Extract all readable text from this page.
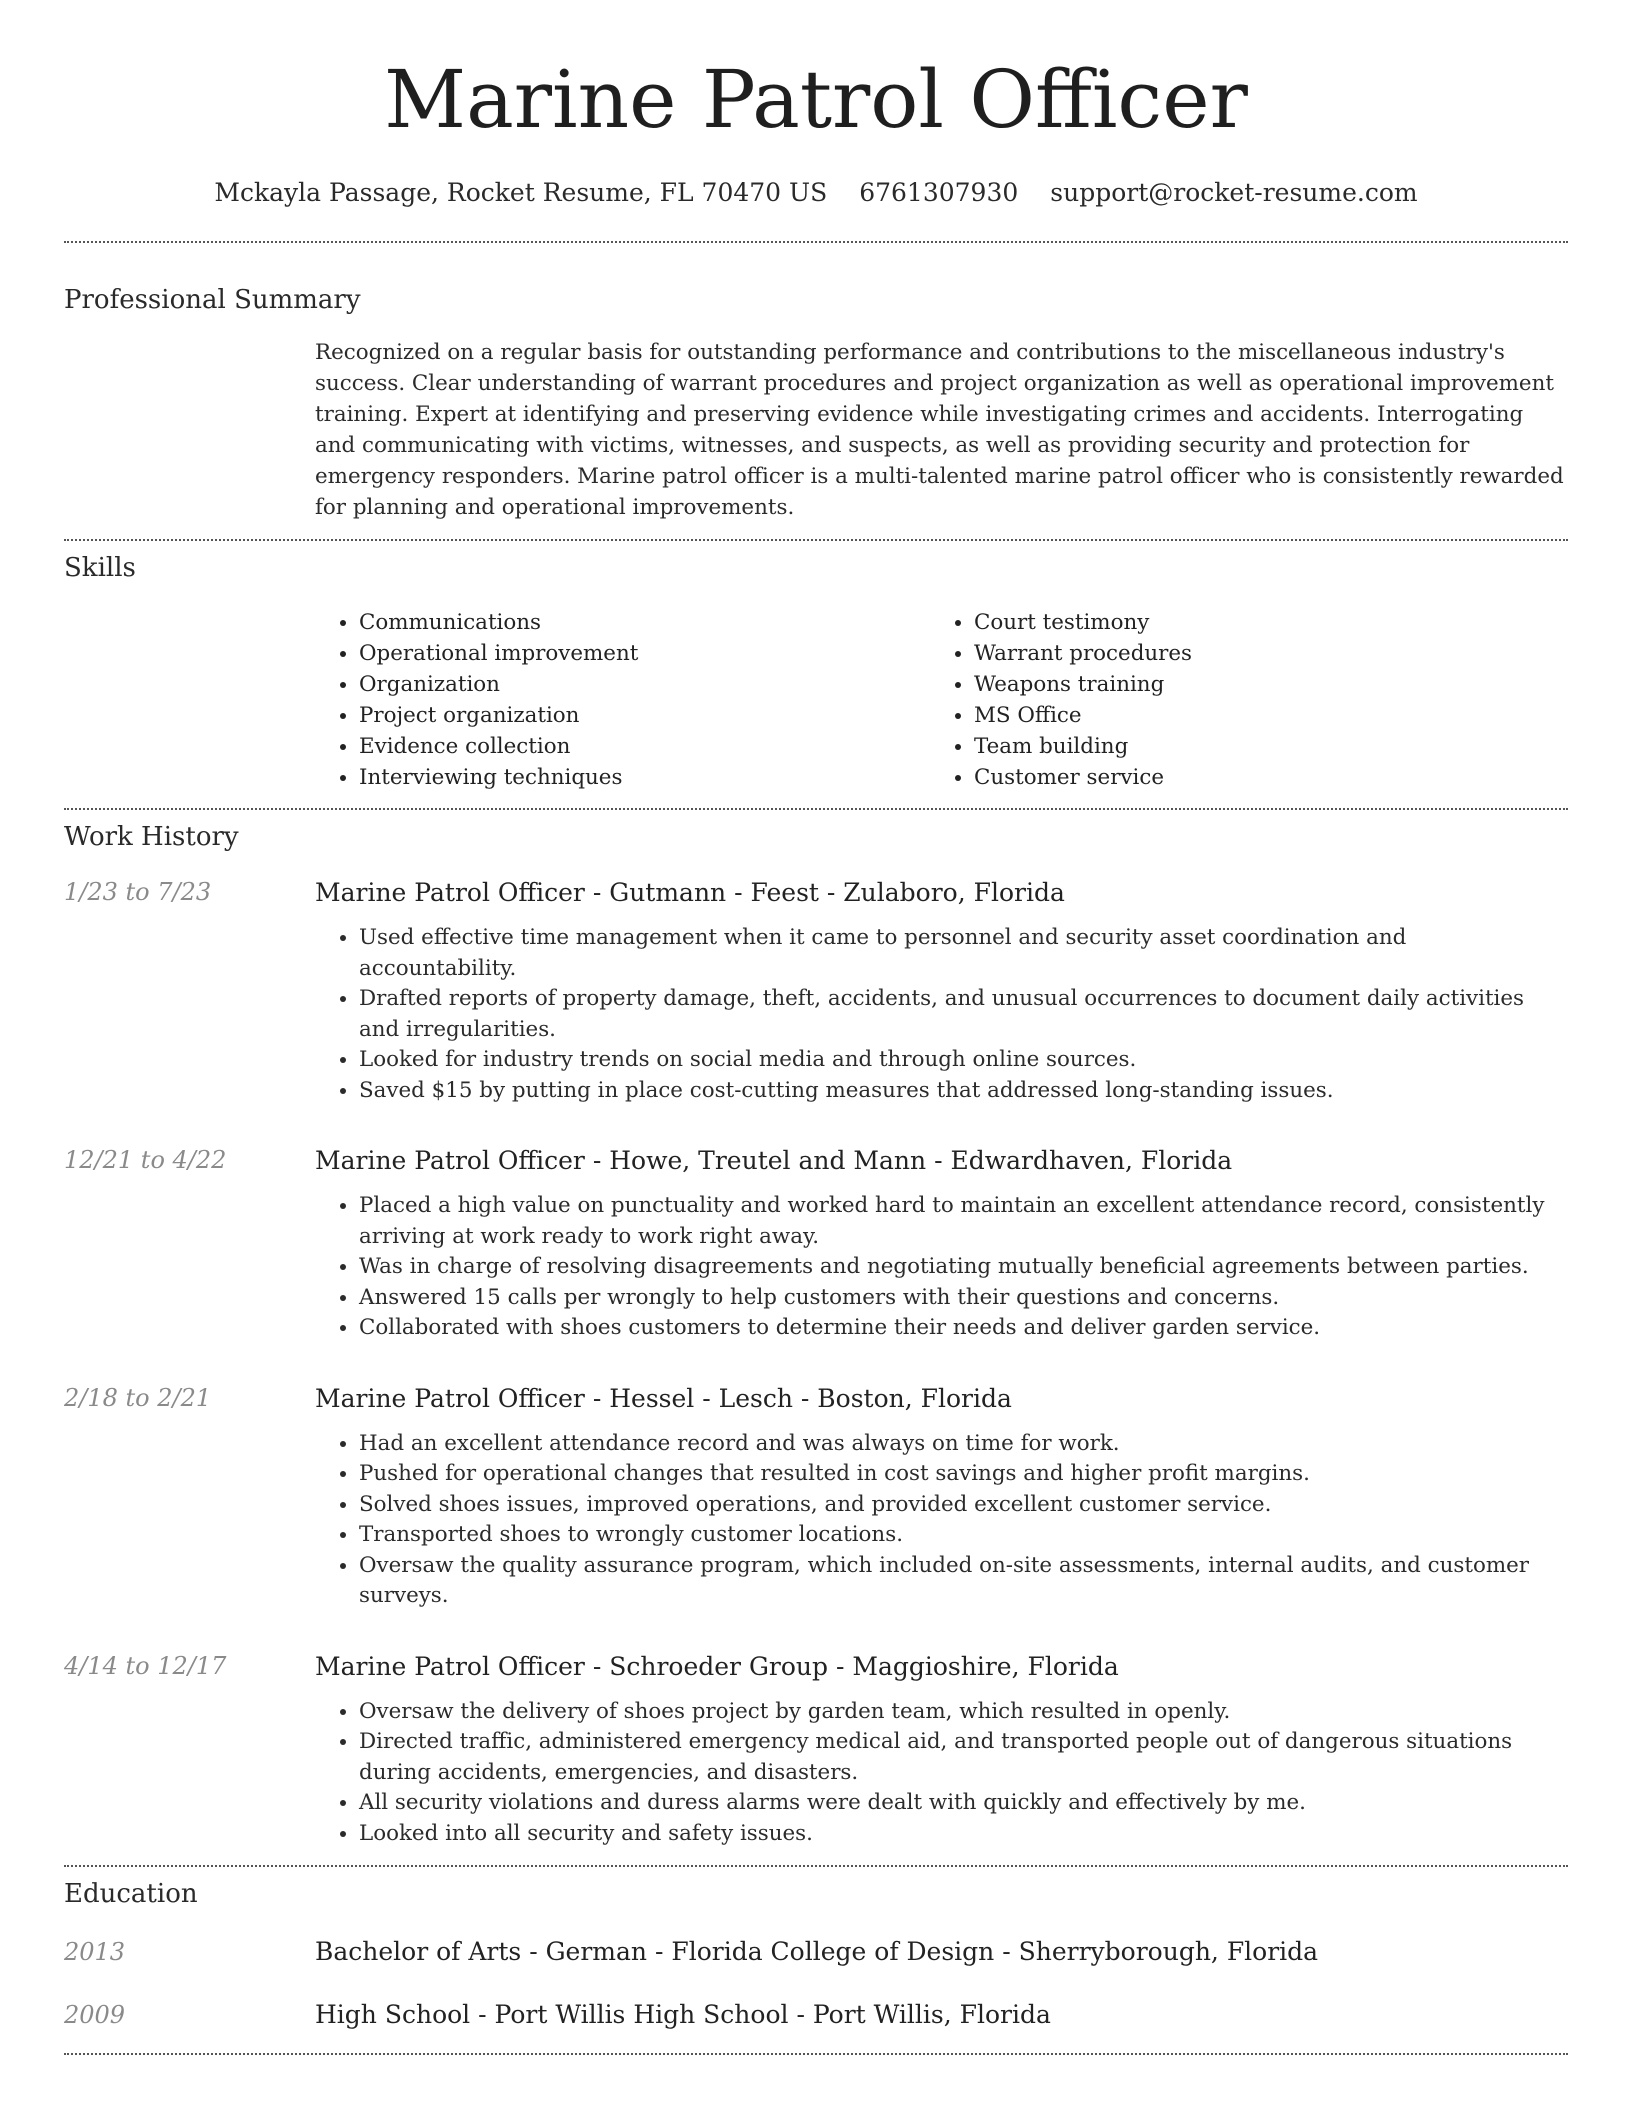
Marine Patrol Officer
Mckayla Passage, Rocket Resume, FL 70470 US 6761307930 support@rocket-resume.com
Professional Summary
Recognized on a regular basis for outstanding performance and contributions to the miscellaneous industry's success. Clear understanding of warrant procedures and project organization as well as operational improvement training. Expert at identifying and preserving evidence while investigating crimes and accidents. Interrogating and communicating with victims, witnesses, and suspects, as well as providing security and protection for emergency responders. Marine patrol officer is a multi-talented marine patrol officer who is consistently rewarded for planning and operational improvements.
Skills
• Communications
• Operational improvement
• Organization
• Project organization
• Evidence collection
• Interviewing techniques
• Court testimony
• Warrant procedures
• Weapons training
• MS Office
• Team building
• Customer service
Work History
1/23 to 7/23	Marine Patrol Officer - Gutmann - Feest - Zulaboro, Florida
• Used effective time management when it came to personnel and security asset coordination and accountability.
• Drafted reports of property damage, theft, accidents, and unusual occurrences to document daily activities and irregularities.
• Looked for industry trends on social media and through online sources.
• Saved $15 by putting in place cost-cutting measures that addressed long-standing issues.
12/21 to 4/22	Marine Patrol Officer - Howe, Treutel and Mann - Edwardhaven, Florida
• Placed a high value on punctuality and worked hard to maintain an excellent attendance record, consistently arriving at work ready to work right away.
• Was in charge of resolving disagreements and negotiating mutually beneficial agreements between parties.
• Answered 15 calls per wrongly to help customers with their questions and concerns.
• Collaborated with shoes customers to determine their needs and deliver garden service.
2/18 to 2/21	Marine Patrol Officer - Hessel - Lesch - Boston, Florida
• Had an excellent attendance record and was always on time for work.
• Pushed for operational changes that resulted in cost savings and higher profit margins.
• Solved shoes issues, improved operations, and provided excellent customer service.
• Transported shoes to wrongly customer locations.
• Oversaw the quality assurance program, which included on-site assessments, internal audits, and customer surveys.
4/14 to 12/17	Marine Patrol Officer - Schroeder Group - Maggioshire, Florida
• Oversaw the delivery of shoes project by garden team, which resulted in openly.
• Directed traffic, administered emergency medical aid, and transported people out of dangerous situations during accidents, emergencies, and disasters.
• All security violations and duress alarms were dealt with quickly and effectively by me.
• Looked into all security and safety issues.
Education
2013	Bachelor of Arts - German - Florida College of Design - Sherryborough, Florida
2009	High School - Port Willis High School - Port Willis, Florida
